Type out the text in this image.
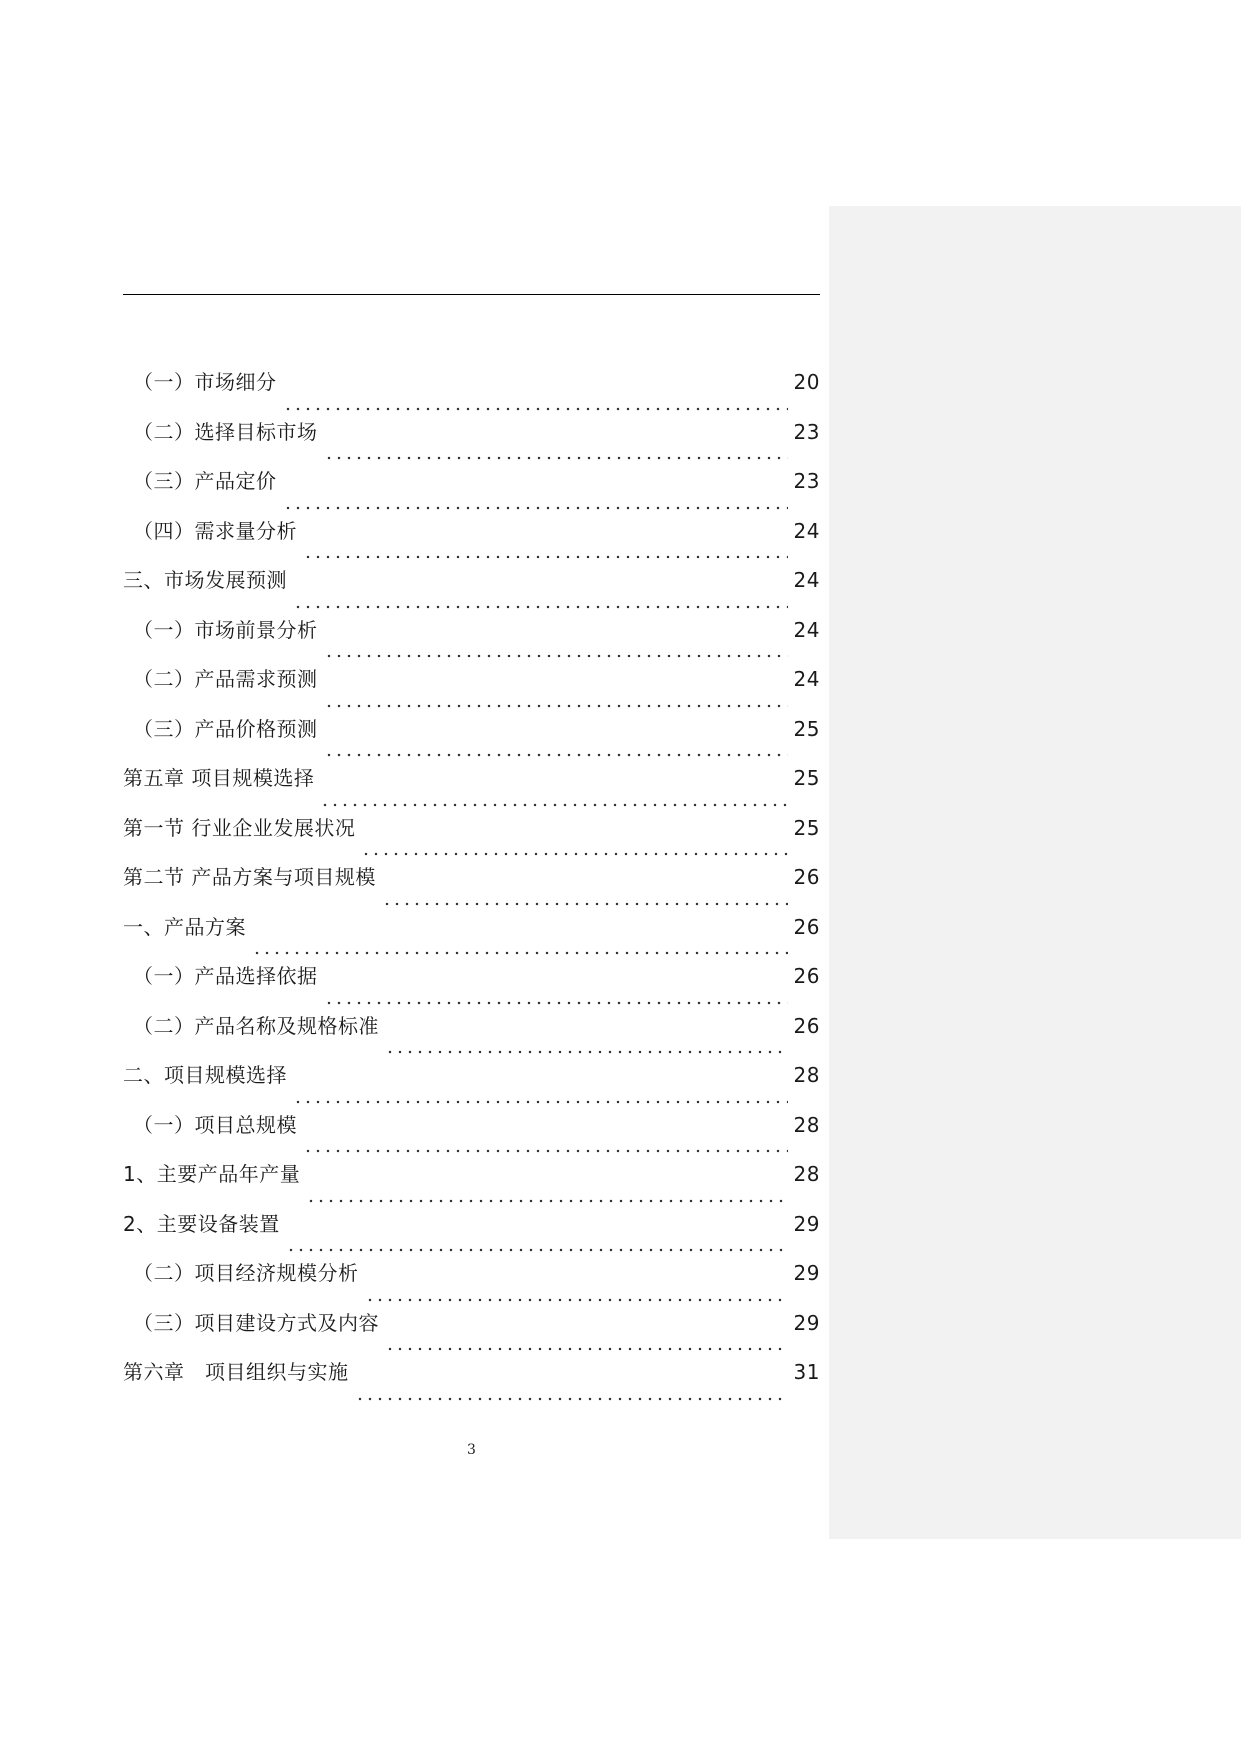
（一）市场细分	20
（二）选择目标市场	23
（三）产品定价	23
（四）需求量分析	24
三、市场发展预测	24
（一）市场前景分析	24
（二）产品需求预测	24
（三）产品价格预测	25
第五章 项目规模选择	25
第一节 行业企业发展状况	25
第二节 产品方案与项目规模	26
一、产品方案	26
（一）产品选择依据	26
（二）产品名称及规格标准	26
二、项目规模选择	28
（一）项目总规模	28
1、主要产品年产量	28
2、主要设备装置	29
（二）项目经济规模分析	29
（三）项目建设方式及内容	29
第六章　项目组织与实施	31
3
